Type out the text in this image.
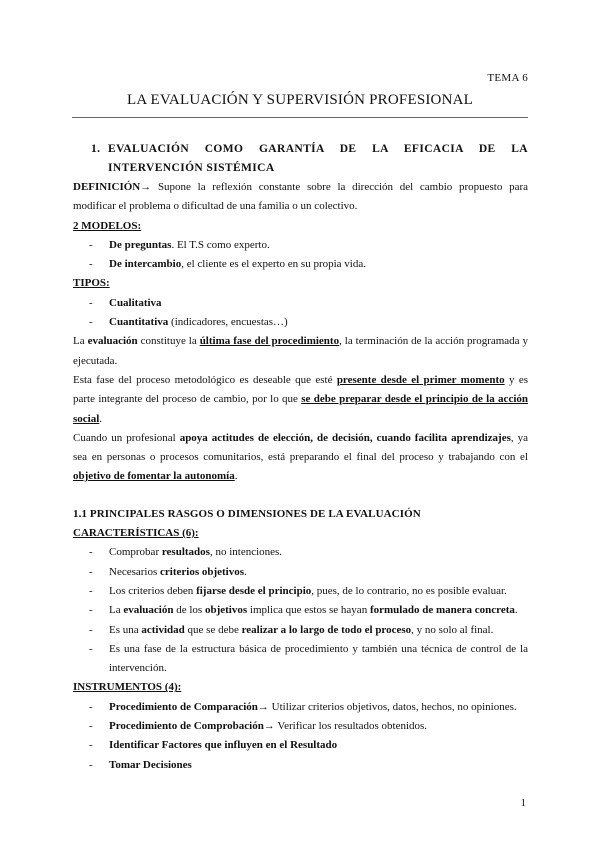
TEMA 6
LA EVALUACIÓN Y SUPERVISIÓN PROFESIONAL
1. EVALUACIÓN COMO GARANTÍA DE LA EFICACIA DE LA INTERVENCIÓN SISTÉMICA

DEFINICIÓN→ Supone la reflexión constante sobre la dirección del cambio propuesto para modificar el problema o dificultad de una familia o un colectivo.

2 MODELOS:
- De preguntas. El T.S como experto.
- De intercambio, el cliente es el experto en su propia vida.
TIPOS:
- Cualitativa
- Cuantitativa (indicadores, encuestas…)

La evaluación constituye la última fase del procedimiento, la terminación de la acción programada y ejecutada.

Esta fase del proceso metodológico es deseable que esté presente desde el primer momento y es parte integrante del proceso de cambio, por lo que se debe preparar desde el principio de la acción social.

Cuando un profesional apoya actitudes de elección, de decisión, cuando facilita aprendizajes, ya sea en personas o procesos comunitarios, está preparando el final del proceso y trabajando con el objetivo de fomentar la autonomía.

1.1 PRINCIPALES RASGOS O DIMENSIONES DE LA EVALUACIÓN
CARACTERÍSTICAS (6):
- Comprobar resultados, no intenciones.
- Necesarios criterios objetivos.
- Los criterios deben fijarse desde el principio, pues, de lo contrario, no es posible evaluar.
- La evaluación de los objetivos implica que estos se hayan formulado de manera concreta.
- Es una actividad que se debe realizar a lo largo de todo el proceso, y no solo al final.
- Es una fase de la estructura básica de procedimiento y también una técnica de control de la intervención.
INSTRUMENTOS (4):
- Procedimiento de Comparación→ Utilizar criterios objetivos, datos, hechos, no opiniones.
- Procedimiento de Comprobación→ Verificar los resultados obtenidos.
- Identificar Factores que influyen en el Resultado
- Tomar Decisiones
1
